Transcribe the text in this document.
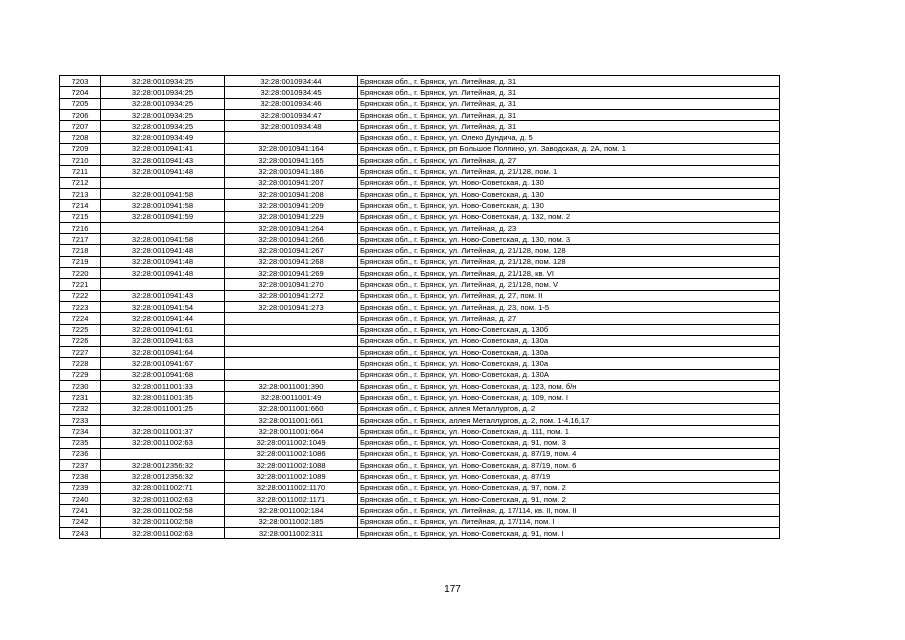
7203	32:28:0010934:25	32:28:0010934:44	Брянская обл., г. Брянск, ул. Литейная, д. 31
7204	32:28:0010934:25	32:28:0010934:45	Брянская обл., г. Брянск, ул. Литейная, д. 31
7205	32:28:0010934:25	32:28:0010934:46	Брянская обл., г. Брянск, ул. Литейная, д. 31
7206	32:28:0010934:25	32:28:0010934:47	Брянская обл., г. Брянск, ул. Литейная, д. 31
7207	32:28:0010934:25	32:28:0010934:48	Брянская обл., г. Брянск, ул. Литейная, д. 31
7208	32:28:0010934:49		Брянская обл., г. Брянск, ул. Олеко Дундича, д. 5
7209	32:28:0010941:41	32:28:0010941:164	Брянская обл., г. Брянск, рп Большое Полпино, ул. Заводская, д. 2А, пом. 1
7210	32:28:0010941:43	32:28:0010941:165	Брянская обл., г. Брянск, ул. Литейная, д. 27
7211	32:28:0010941:48	32:28:0010941:186	Брянская обл., г. Брянск, ул. Литейная, д. 21/128, пом. 1
7212		32:28:0010941:207	Брянская обл., г. Брянск, ул. Ново-Советская, д. 130
7213	32:28:0010941:58	32:28:0010941:208	Брянская обл., г. Брянск, ул. Ново-Советская, д. 130
7214	32:28:0010941:58	32:28:0010941:209	Брянская обл., г. Брянск, ул. Ново-Советская, д. 130
7215	32:28:0010941:59	32:28:0010941:229	Брянская обл., г. Брянск, ул. Ново-Советская, д. 132, пом. 2
7216		32:28:0010941:264	Брянская обл., г. Брянск, ул. Литейная, д. 23
7217	32:28:0010941:58	32:28:0010941:266	Брянская обл., г. Брянск, ул. Ново-Советская, д. 130, пом. 3
7218	32:28:0010941:48	32:28:0010941:267	Брянская обл., г. Брянск, ул. Литейная, д. 21/128, пом. 128
7219	32:28:0010941:48	32:28:0010941:268	Брянская обл., г. Брянск, ул. Литейная, д. 21/128, пом. 128
7220	32:28:0010941:48	32:28:0010941:269	Брянская обл., г. Брянск, ул. Литейная, д. 21/128, кв. VI
7221		32:28:0010941:270	Брянская обл., г. Брянск, ул. Литейная, д. 21/128, пом. V
7222	32:28:0010941:43	32:28:0010941:272	Брянская обл., г. Брянск, ул. Литейная, д. 27, пом. II
7223	32:28:0010941:54	32:28:0010941:273	Брянская обл., г. Брянск, ул. Литейная, д. 23, пом. 1-5
7224	32:28:0010941:44		Брянская обл., г. Брянск, ул. Литейная, д. 27
7225	32:28:0010941:61		Брянская обл., г. Брянск, ул. Ново-Советская, д. 130б
7226	32:28:0010941:63		Брянская обл., г. Брянск, ул. Ново-Советская, д. 130а
7227	32:28:0010941:64		Брянская обл., г. Брянск, ул. Ново-Советская, д. 130а
7228	32:28:0010941:67		Брянская обл., г. Брянск, ул. Ново-Советская, д. 130а
7229	32:28:0010941:68		Брянская обл., г. Брянск, ул. Ново-Советская, д. 130А
7230	32:28:0011001:33	32:28:0011001:390	Брянская обл., г. Брянск, ул. Ново-Советская, д. 123, пом. б/н
7231	32:28:0011001:35	32:28:0011001:49	Брянская обл., г. Брянск, ул. Ново-Советская, д. 109, пом. I
7232	32:28:0011001:25	32:28:0011001:660	Брянская обл., г. Брянск, аллея Металлургов, д. 2
7233		32:28:0011001:661	Брянская обл., г. Брянск, аллея Металлургов, д. 2, пом. 1-4,16,17
7234	32:28:0011001:37	32:28:0011001:664	Брянская обл., г. Брянск, ул. Ново-Советская, д. 111, пом. 1
7235	32:28:0011002:63	32:28:0011002:1049	Брянская обл., г. Брянск, ул. Ново-Советская, д. 91, пом. 3
7236		32:28:0011002:1086	Брянская обл., г. Брянск, ул. Ново-Советская, д. 87/19, пом. 4
7237	32:28:0012356:32	32:28:0011002:1088	Брянская обл., г. Брянск, ул. Ново-Советская, д. 87/19, пом. 6
7238	32:28:0012356:32	32:28:0011002:1089	Брянская обл., г. Брянск, ул. Ново-Советская, д. 87/19
7239	32:28:0011002:71	32:28:0011002:1170	Брянская обл., г. Брянск, ул. Ново-Советская, д. 97, пом. 2
7240	32:28:0011002:63	32:28:0011002:1171	Брянская обл., г. Брянск, ул. Ново-Советская, д. 91, пом. 2
7241	32:28:0011002:58	32:28:0011002:184	Брянская обл., г. Брянск, ул. Литейная, д. 17/114, кв. II, пом. II
7242	32:28:0011002:58	32:28:0011002:185	Брянская обл., г. Брянск, ул. Литейная, д. 17/114, пом. I
7243	32:28:0011002:63	32:28:0011002:311	Брянская обл., г. Брянск, ул. Ново-Советская, д. 91, пом. I
177
